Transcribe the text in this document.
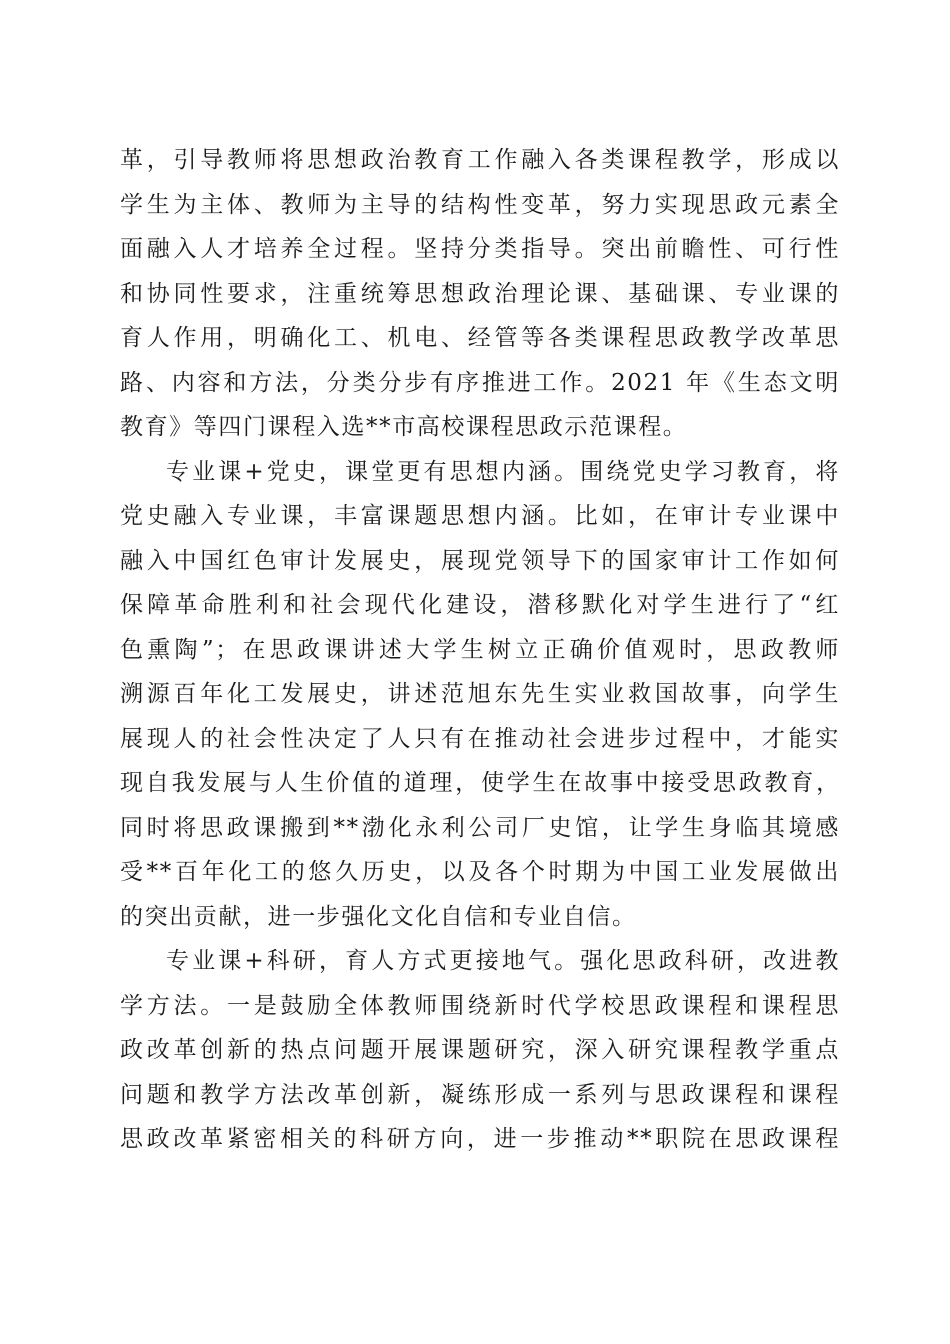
革，引导教师将思想政治教育工作融入各类课程教学，形成以
学生为主体、教师为主导的结构性变革，努力实现思政元素全
面融入人才培养全过程。坚持分类指导。突出前瞻性、可行性
和协同性要求，注重统筹思想政治理论课、基础课、专业课的
育人作用，明确化工、机电、经管等各类课程思政教学改革思
路、内容和方法，分类分步有序推进工作。2021 年《生态文明
教育》等四门课程入选**市高校课程思政示范课程。
专业课+党史，课堂更有思想内涵。围绕党史学习教育，将
党史融入专业课，丰富课题思想内涵。比如，在审计专业课中
融入中国红色审计发展史，展现党领导下的国家审计工作如何
保障革命胜利和社会现代化建设，潜移默化对学生进行了“红
色熏陶”；在思政课讲述大学生树立正确价值观时，思政教师
溯源百年化工发展史，讲述范旭东先生实业救国故事，向学生
展现人的社会性决定了人只有在推动社会进步过程中，才能实
现自我发展与人生价值的道理，使学生在故事中接受思政教育，
同时将思政课搬到**渤化永利公司厂史馆，让学生身临其境感
受**百年化工的悠久历史，以及各个时期为中国工业发展做出
的突出贡献，进一步强化文化自信和专业自信。
专业课+科研，育人方式更接地气。强化思政科研，改进教
学方法。一是鼓励全体教师围绕新时代学校思政课程和课程思
政改革创新的热点问题开展课题研究，深入研究课程教学重点
问题和教学方法改革创新，凝练形成一系列与思政课程和课程
思政改革紧密相关的科研方向，进一步推动**职院在思政课程
